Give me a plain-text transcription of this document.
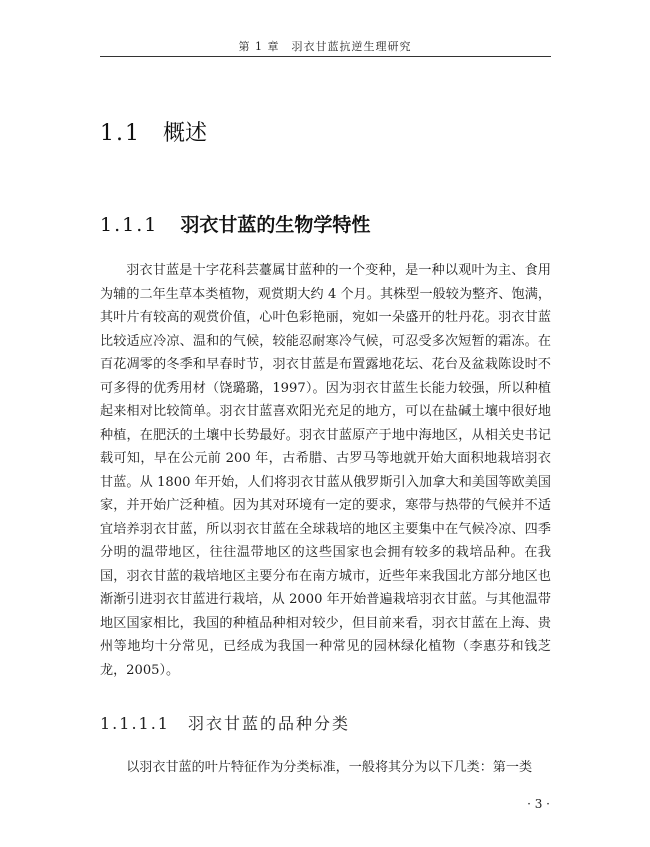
第 1 章　羽衣甘蓝抗逆生理研究
1.1 概述
1.1.1 羽衣甘蓝的生物学特性

羽衣甘蓝是十字花科芸薹属甘蓝种的一个变种，是一种以观叶为主、食用为辅的二年生草本类植物，观赏期大约 4 个月。其株型一般较为整齐、饱满，其叶片有较高的观赏价值，心叶色彩艳丽，宛如一朵盛开的牡丹花。羽衣甘蓝比较适应冷凉、温和的气候，较能忍耐寒冷气候，可忍受多次短暂的霜冻。在百花凋零的冬季和早春时节，羽衣甘蓝是布置露地花坛、花台及盆栽陈设时不可多得的优秀用材（饶璐璐，1997）。因为羽衣甘蓝生长能力较强，所以种植起来相对比较简单。羽衣甘蓝喜欢阳光充足的地方，可以在盐碱土壤中很好地种植，在肥沃的土壤中长势最好。羽衣甘蓝原产于地中海地区，从相关史书记载可知，早在公元前 200 年，古希腊、古罗马等地就开始大面积地栽培羽衣甘蓝。从 1800 年开始，人们将羽衣甘蓝从俄罗斯引入加拿大和美国等欧美国家，并开始广泛种植。因为其对环境有一定的要求，寒带与热带的气候并不适宜培养羽衣甘蓝，所以羽衣甘蓝在全球栽培的地区主要集中在气候冷凉、四季分明的温带地区，往往温带地区的这些国家也会拥有较多的栽培品种。在我国，羽衣甘蓝的栽培地区主要分布在南方城市，近些年来我国北方部分地区也渐渐引进羽衣甘蓝进行栽培，从 2000 年开始普遍栽培羽衣甘蓝。与其他温带地区国家相比，我国的种植品种相对较少，但目前来看，羽衣甘蓝在上海、贵州等地均十分常见，已经成为我国一种常见的园林绿化植物（李惠芬和钱芝龙，2005）。

1.1.1.1 羽衣甘蓝的品种分类

以羽衣甘蓝的叶片特征作为分类标准，一般将其分为以下几类：第一类

· 3 ·
